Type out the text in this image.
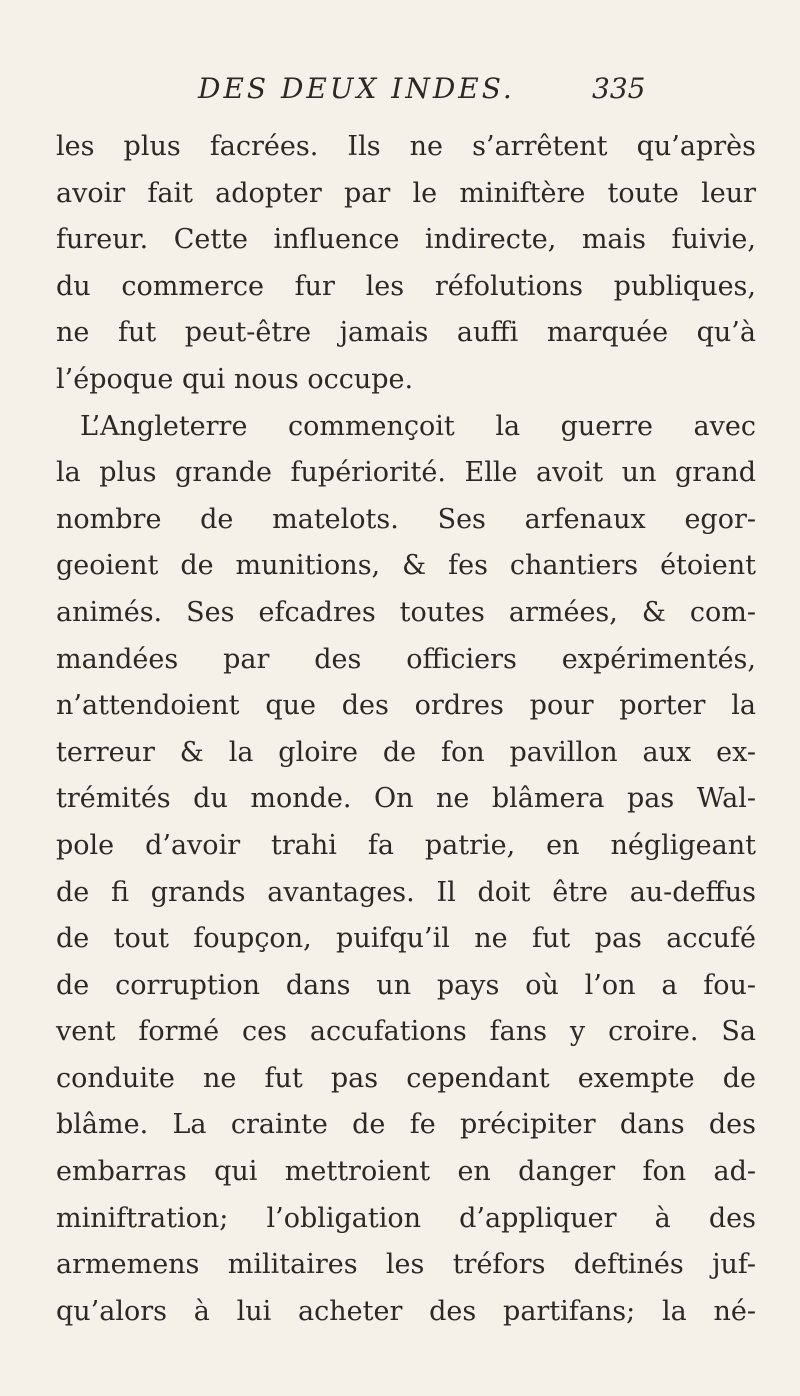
DES DEUX INDES.	335
les plus facrées. Ils ne s’arrêtent qu’après
avoir fait adopter par le miniftère toute leur
fureur. Cette influence indirecte, mais fuivie,
du commerce fur les réfolutions publiques,
ne fut peut-être jamais auffi marquée qu’à
l’époque qui nous occupe.
L’Angleterre commençoit la guerre avec
la plus grande fupériorité. Elle avoit un grand
nombre de matelots. Ses arfenaux egor-
geoient de munitions, & fes chantiers étoient
animés. Ses efcadres toutes armées, & com-
mandées par des officiers expérimentés,
n’attendoient que des ordres pour porter la
terreur & la gloire de fon pavillon aux ex-
trémités du monde. On ne blâmera pas Wal-
pole d’avoir trahi fa patrie, en négligeant
de fi grands avantages. Il doit être au-deffus
de tout foupçon, puifqu’il ne fut pas accufé
de corruption dans un pays où l’on a fou-
vent formé ces accufations fans y croire. Sa
conduite ne fut pas cependant exempte de
blâme. La crainte de fe précipiter dans des
embarras qui mettroient en danger fon ad-
miniftration; l’obligation d’appliquer à des
armemens militaires les tréfors deftinés juf-
qu’alors à lui acheter des partifans; la né-
